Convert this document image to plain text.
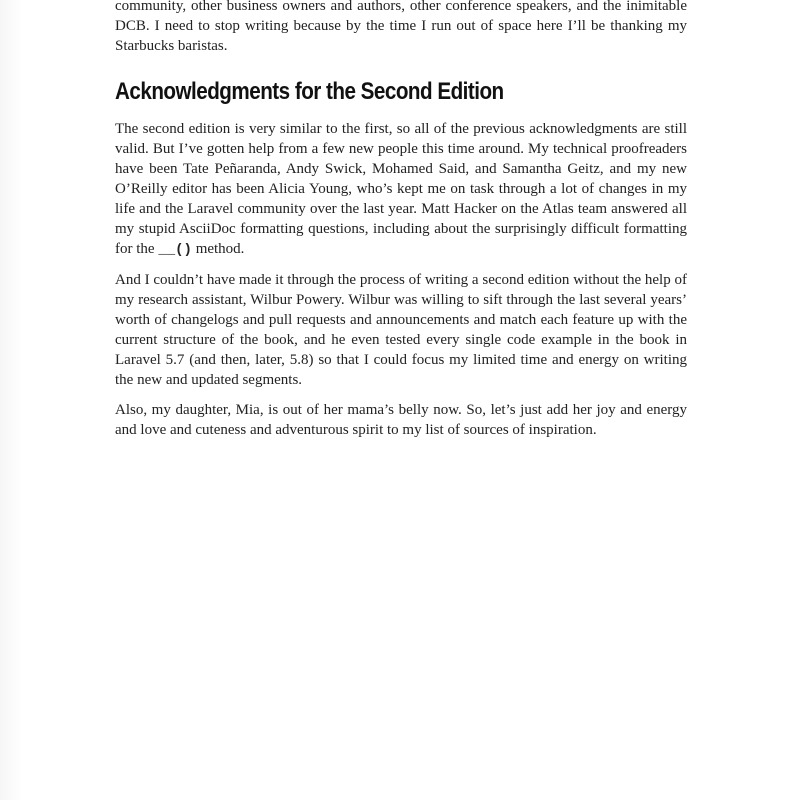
community, other business owners and authors, other conference speakers, and the inimitable DCB. I need to stop writing because by the time I run out of space here I’ll be thanking my Starbucks baristas.

Acknowledgments for the Second Edition

The second edition is very similar to the first, so all of the previous acknowledgments are still valid. But I’ve gotten help from a few new people this time around. My technical proofreaders have been Tate Peñaranda, Andy Swick, Mohamed Said, and Samantha Geitz, and my new O’Reilly editor has been Alicia Young, who’s kept me on task through a lot of changes in my life and the Laravel community over the last year. Matt Hacker on the Atlas team answered all my stupid AsciiDoc formatting questions, including about the surprisingly difficult formatting for the __() method.

And I couldn’t have made it through the process of writing a second edition without the help of my research assistant, Wilbur Powery. Wilbur was willing to sift through the last several years’ worth of changelogs and pull requests and announcements and match each feature up with the current structure of the book, and he even tested every single code example in the book in Laravel 5.7 (and then, later, 5.8) so that I could focus my limited time and energy on writing the new and updated segments.

Also, my daughter, Mia, is out of her mama’s belly now. So, let’s just add her joy and energy and love and cuteness and adventurous spirit to my list of sources of inspiration.
